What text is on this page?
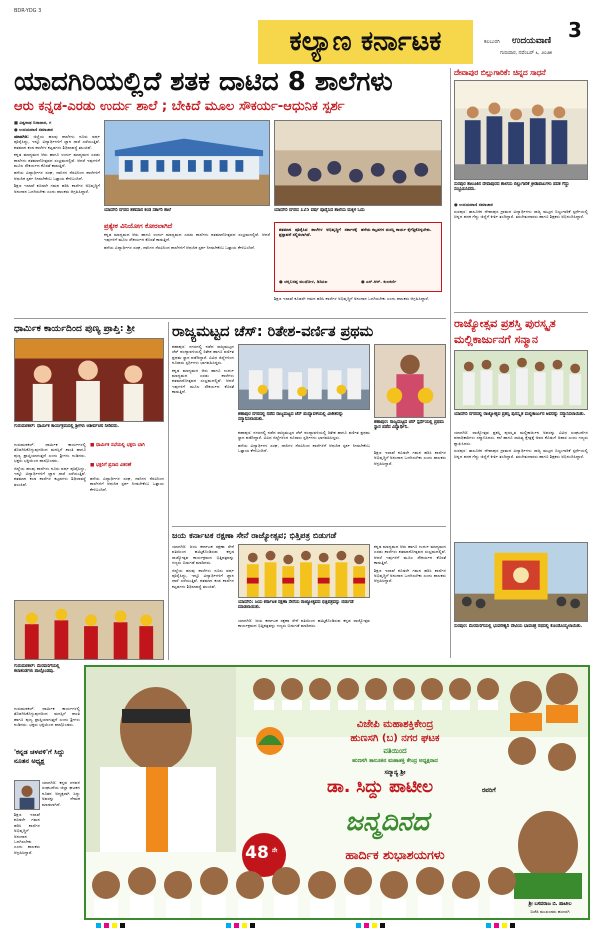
BDR-YDG 3
ಕಲ್ಯಾಣ ಕರ್ನಾಟಕ	3
ಕಲಬುರಗಿ ಉದಯವಾಣಿ
ಗುರುವಾರ, ನವೆಂಬರ್ ೬, ೨೦೨೫
ಯಾದಗಿರಿಯಲ್ಲಿದೆ ಶತಕ ದಾಟಿದ 8 ಶಾಲೆಗಳು
ಆರು ಕನ್ನಡ-ಎರಡು ಉರ್ದು ಶಾಲೆ ; ಬೇಕಿದೆ ಮೂಲ ಸೌಕರ್ಯ-ಆಧುನಿಕ ಸ್ಪರ್ಶ
■ ವಿಶ್ವನಾಥ ಬಿರಾದಾರ, ಗ
● ಉದಯವಾಣಿ ಸಮಾಚಾರ

ಯಾದಗಿರಿ: ಜಿಲ್ಲೆಯ ಹಲವು ಶಾಲೆಗಳು ನೂರು ವರ್ಷ ಪೂರೈಸಿದ್ದು, ಇನ್ನೂ ವಿದ್ಯಾರ್ಥಿಗಳಿಗೆ ಜ್ಞಾನ ಧಾರೆ ಎರೆಯುತ್ತಿವೆ. ಶತಮಾನ ಕಂಡ ಶಾಲೆಗಳ ಕಟ್ಟಡಗಳು ಶಿಥಿಲಾವಸ್ಥೆ ತಲುಪಿವೆ.

ಕನ್ನಡ ಮಾಧ್ಯಮದ ಆರು ಹಾಗೂ ಉರ್ದು ಮಾಧ್ಯಮದ ಎರಡು ಶಾಲೆಗಳು ಶತಮಾನೋತ್ಸವದ ಸಂಭ್ರಮದಲ್ಲಿವೆ. ಆದರೆ ಇವುಗಳಿಗೆ ಮೂಲ ಸೌಕರ್ಯದ ಕೊರತೆ ಕಾಡುತ್ತಿದೆ.

ಹಳೆಯ ವಿದ್ಯಾರ್ಥಿಗಳ ಸಂಘ, ದಾನಿಗಳ ನೆರವಿನಿಂದ ಶಾಲೆಗಳಿಗೆ ಆಧುನಿಕ ಸ್ಪರ್ಶ ನೀಡಬೇಕೆಂಬ ಒತ್ತಾಯ ಕೇಳಿಬಂದಿದೆ.

ಶಿಕ್ಷಣ ಇಲಾಖೆ ಕೂಡಲೇ ಗಮನ ಹರಿಸಿ ಶಾಲೆಗಳ ಅಭಿವೃದ್ಧಿಗೆ ಅನುದಾನ ಒದಗಿಸಬೇಕು ಎಂದು ಪಾಲಕರು ಆಗ್ರಹಿಸಿದ್ದಾರೆ.

ಯಾದಗಿರಿ ನಗರದ ಶತಮಾನ ಕಂಡ ಸರ್ಕಾರಿ ಶಾಲೆ	ಯಾದಗಿರಿ ನಗರದ 125 ವರ್ಷ ಪೂರೈಸಿದ ಶಾಲೆಯ ಮಕ್ಕಳ ಓದು
ಪ್ರತ್ಯೇಕ ವಿನಿಯೋಗ ಕೋರಲಾಗಿದೆ

ಕನ್ನಡ ಮಾಧ್ಯಮದ ಆರು ಹಾಗೂ ಉರ್ದು ಮಾಧ್ಯಮದ ಎರಡು ಶಾಲೆಗಳು ಶತಮಾನೋತ್ಸವದ ಸಂಭ್ರಮದಲ್ಲಿವೆ. ಆದರೆ ಇವುಗಳಿಗೆ ಮೂಲ ಸೌಕರ್ಯದ ಕೊರತೆ ಕಾಡುತ್ತಿದೆ.

ಹಳೆಯ ವಿದ್ಯಾರ್ಥಿಗಳ ಸಂಘ, ದಾನಿಗಳ ನೆರವಿನಿಂದ ಶಾಲೆಗಳಿಗೆ ಆಧುನಿಕ ಸ್ಪರ್ಶ ನೀಡಬೇಕೆಂಬ ಒತ್ತಾಯ ಕೇಳಿಬಂದಿದೆ.

ಶತಮಾನ ಪೂರೈಸಿದ ಶಾಲೆಗಳ ಅಭಿವೃದ್ಧಿಗೆ ಸರ್ಕಾರಕ್ಕೆ ಪ್ರಸ್ತಾವನೆ ಸಲ್ಲಿಸಲಾಗಿದೆ.

ಹಳೆಯ ಕಟ್ಟಡಗಳ ದುರಸ್ತಿ ಕಾರ್ಯ ಕೈಗೆತ್ತಿಕೊಳ್ಳಬೇಕು.

● ಚನ್ನಬಸಪ್ಪ ಮುಧೋಳ, ಡಿಡಿಪಿಐ	● ಎಸ್.ಆರ್. ಕುಲಕರ್ಣಿ

ಶಿಕ್ಷಣ ಇಲಾಖೆ ಕೂಡಲೇ ಗಮನ ಹರಿಸಿ ಶಾಲೆಗಳ ಅಭಿವೃದ್ಧಿಗೆ ಅನುದಾನ ಒದಗಿಸಬೇಕು ಎಂದು ಪಾಲಕರು ಆಗ್ರಹಿಸಿದ್ದಾರೆ.

ದೇವಾಪುರ ಬಿಲ್ಲುಗಾರಿಕೆ: ಚಿನ್ನದ ಸಾಧನೆ
ಸುರಪುರ ತಾಲೂಕಿನ ದೇವಾಪುರದ ಶಾಲೆಯ ಬಿಲ್ಲುಗಾರಿಕೆ ಕ್ರೀಡಾಪಟುಗಳು ಪದಕ ಗೆದ್ದು ಸಂಭ್ರಮಿಸಿದರು.
● ಉದಯವಾಣಿ ಸಮಾಚಾರ

ಸುರಪುರ: ತಾಲೂಕಿನ ದೇವಾಪುರ ಗ್ರಾಮದ ವಿದ್ಯಾರ್ಥಿಗಳು ರಾಜ್ಯ ಮಟ್ಟದ ಬಿಲ್ಲುಗಾರಿಕೆ ಸ್ಪರ್ಧೆಯಲ್ಲಿ ಚಿನ್ನದ ಪದಕ ಗೆದ್ದು ಜಿಲ್ಲೆಗೆ ಕೀರ್ತಿ ತಂದಿದ್ದಾರೆ. ತರಬೇತುದಾರರು ಹಾಗೂ ಶಿಕ್ಷಕರು ಅಭಿನಂದಿಸಿದ್ದಾರೆ.

ರಾಜ್ಯೋತ್ಸವ ಪ್ರಶಸ್ತಿ ಪುರಸ್ಕೃತ
ಮಲ್ಲಿಕಾರ್ಜುನಗೆ ಸನ್ಮಾನ
ಯಾದಗಿರಿ ನಗರದಲ್ಲಿ ರಾಜ್ಯೋತ್ಸವ ಪ್ರಶಸ್ತಿ ಪುರಸ್ಕೃತ ಮಲ್ಲಿಕಾರ್ಜುನ ಅವರನ್ನು ಸನ್ಮಾನಿಸಲಾಯಿತು.

ಯಾದಗಿರಿ: ರಾಜ್ಯೋತ್ಸವ ಪ್ರಶಸ್ತಿ ಪುರಸ್ಕೃತ ಮಲ್ಲಿಕಾರ್ಜುನ ಅವರನ್ನು ವಿವಿಧ ಸಂಘಟನೆಗಳ ಪದಾಧಿಕಾರಿಗಳು ಸನ್ಮಾನಿಸಿದರು. ಕಲೆ ಹಾಗೂ ಸಾಹಿತ್ಯ ಕ್ಷೇತ್ರಕ್ಕೆ ಅವರ ಕೊಡುಗೆ ಅಪಾರ ಎಂದು ಗಣ್ಯರು ಶ್ಲಾಘಿಸಿದರು.

ಸುರಪುರ: ತಾಲೂಕಿನ ದೇವಾಪುರ ಗ್ರಾಮದ ವಿದ್ಯಾರ್ಥಿಗಳು ರಾಜ್ಯ ಮಟ್ಟದ ಬಿಲ್ಲುಗಾರಿಕೆ ಸ್ಪರ್ಧೆಯಲ್ಲಿ ಚಿನ್ನದ ಪದಕ ಗೆದ್ದು ಜಿಲ್ಲೆಗೆ ಕೀರ್ತಿ ತಂದಿದ್ದಾರೆ. ತರಬೇತುದಾರರು ಹಾಗೂ ಶಿಕ್ಷಕರು ಅಭಿನಂದಿಸಿದ್ದಾರೆ.

ಸುರಪುರ: ಮೆರವಣಿಗೆಯಲ್ಲಿ ಭುವನೇಶ್ವರಿ ದೇವಿಯ ಭಾವಚಿತ್ರ ರಥದಲ್ಲಿ ಕೊಂಡೊಯ್ಯಲಾಯಿತು.
ಧಾರ್ಮಿಕ ಕಾರ್ಯದಿಂದ ಪುಣ್ಯ ಪ್ರಾಪ್ತಿ: ಶ್ರೀ
ಗುರುಮಠಕಲ್: ಧಾರ್ಮಿಕ ಕಾರ್ಯಕ್ರಮದಲ್ಲಿ ಶ್ರೀಗಳು ಆಶೀರ್ವಚನ ನೀಡಿದರು.

ಗುರುಮಠಕಲ್: ಧಾರ್ಮಿಕ ಕಾರ್ಯಗಳಲ್ಲಿ ತೊಡಗಿಸಿಕೊಳ್ಳುವುದರಿಂದ ಮನಸ್ಸಿಗೆ ಶಾಂತಿ ಹಾಗೂ ಪುಣ್ಯ ಪ್ರಾಪ್ತಿಯಾಗುತ್ತದೆ ಎಂದು ಶ್ರೀಗಳು ನುಡಿದರು. ಭಕ್ತರು ಭಕ್ತಿಯಿಂದ ಪಾಲ್ಗೊಂಡರು.

ಜಿಲ್ಲೆಯ ಹಲವು ಶಾಲೆಗಳು ನೂರು ವರ್ಷ ಪೂರೈಸಿದ್ದು, ಇನ್ನೂ ವಿದ್ಯಾರ್ಥಿಗಳಿಗೆ ಜ್ಞಾನ ಧಾರೆ ಎರೆಯುತ್ತಿವೆ. ಶತಮಾನ ಕಂಡ ಶಾಲೆಗಳ ಕಟ್ಟಡಗಳು ಶಿಥಿಲಾವಸ್ಥೆ ತಲುಪಿವೆ.

■ ಧಾರ್ಮಿಕ ಸಭೆಯಲ್ಲಿ ಭಕ್ತರು ಭಾಗಿ
■ ಭಕ್ತರಿಗೆ ಪ್ರಸಾದ ವಿತರಣೆ

ಹಳೆಯ ವಿದ್ಯಾರ್ಥಿಗಳ ಸಂಘ, ದಾನಿಗಳ ನೆರವಿನಿಂದ ಶಾಲೆಗಳಿಗೆ ಆಧುನಿಕ ಸ್ಪರ್ಶ ನೀಡಬೇಕೆಂಬ ಒತ್ತಾಯ ಕೇಳಿಬಂದಿದೆ.

ಗುರುಮಠಕಲ್: ಮೆರವಣಿಗೆಯಲ್ಲಿ ಕಲಾತಂಡಗಳು ಪಾಲ್ಗೊಂಡವು.

ಗುರುಮಠಕಲ್: ಧಾರ್ಮಿಕ ಕಾರ್ಯಗಳಲ್ಲಿ ತೊಡಗಿಸಿಕೊಳ್ಳುವುದರಿಂದ ಮನಸ್ಸಿಗೆ ಶಾಂತಿ ಹಾಗೂ ಪುಣ್ಯ ಪ್ರಾಪ್ತಿಯಾಗುತ್ತದೆ ಎಂದು ಶ್ರೀಗಳು ನುಡಿದರು. ಭಕ್ತರು ಭಕ್ತಿಯಿಂದ ಪಾಲ್ಗೊಂಡರು.

'ಕನ್ನಡ ಚಳವಳಿ'ಗೆ ಸಿದ್ದು ನೂತನ ಅಧ್ಯಕ್ಷ

ಯಾದಗಿರಿ: ಕನ್ನಡ ಚಳವಳಿ ಸಂಘಟನೆಯ ಜಿಲ್ಲಾ ಘಟಕದ ನೂತನ ಅಧ್ಯಕ್ಷರಾಗಿ ಸಿದ್ದು ಅವರನ್ನು ನೇಮಕ ಮಾಡಲಾಗಿದೆ.

ಶಿಕ್ಷಣ ಇಲಾಖೆ ಕೂಡಲೇ ಗಮನ ಹರಿಸಿ ಶಾಲೆಗಳ ಅಭಿವೃದ್ಧಿಗೆ ಅನುದಾನ ಒದಗಿಸಬೇಕು ಎಂದು ಪಾಲಕರು ಆಗ್ರಹಿಸಿದ್ದಾರೆ.

ರಾಜ್ಯಮಟ್ಟದ ಚೆಸ್: ರಿತೇಶ-ವರ್ಣಿತ ಪ್ರಥಮ

ಶಹಾಪುರ: ನಗರದಲ್ಲಿ ನಡೆದ ರಾಜ್ಯಮಟ್ಟದ ಚೆಸ್ ಪಂದ್ಯಾವಳಿಯಲ್ಲಿ ರಿತೇಶ ಹಾಗೂ ವರ್ಣಿತ ಪ್ರಥಮ ಸ್ಥಾನ ಪಡೆದಿದ್ದಾರೆ. ವಿವಿಧ ಜಿಲ್ಲೆಗಳಿಂದ ನೂರಾರು ಸ್ಪರ್ಧಿಗಳು ಭಾಗವಹಿಸಿದ್ದರು.

ಕನ್ನಡ ಮಾಧ್ಯಮದ ಆರು ಹಾಗೂ ಉರ್ದು ಮಾಧ್ಯಮದ ಎರಡು ಶಾಲೆಗಳು ಶತಮಾನೋತ್ಸವದ ಸಂಭ್ರಮದಲ್ಲಿವೆ. ಆದರೆ ಇವುಗಳಿಗೆ ಮೂಲ ಸೌಕರ್ಯದ ಕೊರತೆ ಕಾಡುತ್ತಿದೆ.

ಶಹಾಪುರ ನಗರದಲ್ಲಿ ನಡೆದ ರಾಜ್ಯಮಟ್ಟದ ಚೆಸ್ ಪಂದ್ಯಾವಳಿಯಲ್ಲಿ ವಿಜೇತರನ್ನು ಸನ್ಮಾನಿಸಲಾಯಿತು.
ಶಹಾಪುರ: ರಾಜ್ಯಮಟ್ಟದ ಚೆಸ್ ಸ್ಪರ್ಧೆಯಲ್ಲಿ ಪ್ರಥಮ ಸ್ಥಾನ ಪಡೆದ ವಿದ್ಯಾರ್ಥಿನಿ.

ಶಹಾಪುರ: ನಗರದಲ್ಲಿ ನಡೆದ ರಾಜ್ಯಮಟ್ಟದ ಚೆಸ್ ಪಂದ್ಯಾವಳಿಯಲ್ಲಿ ರಿತೇಶ ಹಾಗೂ ವರ್ಣಿತ ಪ್ರಥಮ ಸ್ಥಾನ ಪಡೆದಿದ್ದಾರೆ. ವಿವಿಧ ಜಿಲ್ಲೆಗಳಿಂದ ನೂರಾರು ಸ್ಪರ್ಧಿಗಳು ಭಾಗವಹಿಸಿದ್ದರು.

ಹಳೆಯ ವಿದ್ಯಾರ್ಥಿಗಳ ಸಂಘ, ದಾನಿಗಳ ನೆರವಿನಿಂದ ಶಾಲೆಗಳಿಗೆ ಆಧುನಿಕ ಸ್ಪರ್ಶ ನೀಡಬೇಕೆಂಬ ಒತ್ತಾಯ ಕೇಳಿಬಂದಿದೆ.	ಶಿಕ್ಷಣ ಇಲಾಖೆ ಕೂಡಲೇ ಗಮನ ಹರಿಸಿ ಶಾಲೆಗಳ ಅಭಿವೃದ್ಧಿಗೆ ಅನುದಾನ ಒದಗಿಸಬೇಕು ಎಂದು ಪಾಲಕರು ಆಗ್ರಹಿಸಿದ್ದಾರೆ.

ಜಯ ಕರ್ನಾಟಕ ರಕ್ಷಣಾ ಸೇನೆ ರಾಜ್ಯೋತ್ಸವ; ಭಿತ್ತಿಪತ್ರ ಬಿಡುಗಡೆ

ಯಾದಗಿರಿ: ಜಯ ಕರ್ನಾಟಕ ರಕ್ಷಣಾ ಸೇನೆ ವತಿಯಿಂದ ಹಮ್ಮಿಕೊಂಡಿರುವ ಕನ್ನಡ ರಾಜ್ಯೋತ್ಸವ ಕಾರ್ಯಕ್ರಮದ ಭಿತ್ತಿಪತ್ರವನ್ನು ಗಣ್ಯರು ಬಿಡುಗಡೆ ಮಾಡಿದರು.

ಜಿಲ್ಲೆಯ ಹಲವು ಶಾಲೆಗಳು ನೂರು ವರ್ಷ ಪೂರೈಸಿದ್ದು, ಇನ್ನೂ ವಿದ್ಯಾರ್ಥಿಗಳಿಗೆ ಜ್ಞಾನ ಧಾರೆ ಎರೆಯುತ್ತಿವೆ. ಶತಮಾನ ಕಂಡ ಶಾಲೆಗಳ ಕಟ್ಟಡಗಳು ಶಿಥಿಲಾವಸ್ಥೆ ತಲುಪಿವೆ.

ಯಾದಗಿರಿ: ಜಯ ಕರ್ನಾಟಕ ರಕ್ಷಣಾ ಸೇನೆಯ ರಾಜ್ಯೋತ್ಸವದ ಭಿತ್ತಿಪತ್ರವನ್ನು ಬಿಡುಗಡೆ ಮಾಡಲಾಯಿತು.

ಯಾದಗಿರಿ: ಜಯ ಕರ್ನಾಟಕ ರಕ್ಷಣಾ ಸೇನೆ ವತಿಯಿಂದ ಹಮ್ಮಿಕೊಂಡಿರುವ ಕನ್ನಡ ರಾಜ್ಯೋತ್ಸವ ಕಾರ್ಯಕ್ರಮದ ಭಿತ್ತಿಪತ್ರವನ್ನು ಗಣ್ಯರು ಬಿಡುಗಡೆ ಮಾಡಿದರು.

ಕನ್ನಡ ಮಾಧ್ಯಮದ ಆರು ಹಾಗೂ ಉರ್ದು ಮಾಧ್ಯಮದ ಎರಡು ಶಾಲೆಗಳು ಶತಮಾನೋತ್ಸವದ ಸಂಭ್ರಮದಲ್ಲಿವೆ. ಆದರೆ ಇವುಗಳಿಗೆ ಮೂಲ ಸೌಕರ್ಯದ ಕೊರತೆ ಕಾಡುತ್ತಿದೆ.

ಶಿಕ್ಷಣ ಇಲಾಖೆ ಕೂಡಲೇ ಗಮನ ಹರಿಸಿ ಶಾಲೆಗಳ ಅಭಿವೃದ್ಧಿಗೆ ಅನುದಾನ ಒದಗಿಸಬೇಕು ಎಂದು ಪಾಲಕರು ಆಗ್ರಹಿಸಿದ್ದಾರೆ.

ವಿಜೇಪಿ ಮಹಾಶಕ್ತಿಕೇಂದ್ರ
ಹುಣಸಗಿ (ಬ) ನಗರ ಘಟಕ
ವತಿಯಿಂದ
ಹುಣಸಗಿ ತಾಲೂಕಿನ ಮಹಾಶಕ್ತಿ ಕೇಂದ್ರ ಅಧ್ಯಕ್ಷರಾದ
ಸನ್ಮಾನ್ಯ ಶ್ರೀ
ಡಾ. ಸಿದ್ದು ಪಾಟೀಲ	ರವರಿಗೆ
48 ನೇ
ಜನ್ಮದಿನದ
ಹಾರ್ದಿಕ ಶುಭಾಶಯಗಳು
ಶ್ರೀ ಬಸವರಾಜ ಬಿ. ಪಾಟೀಲ
ಬಿಜೆಪಿ ಮುಖಂಡರು ಹುಣಸಗಿ
